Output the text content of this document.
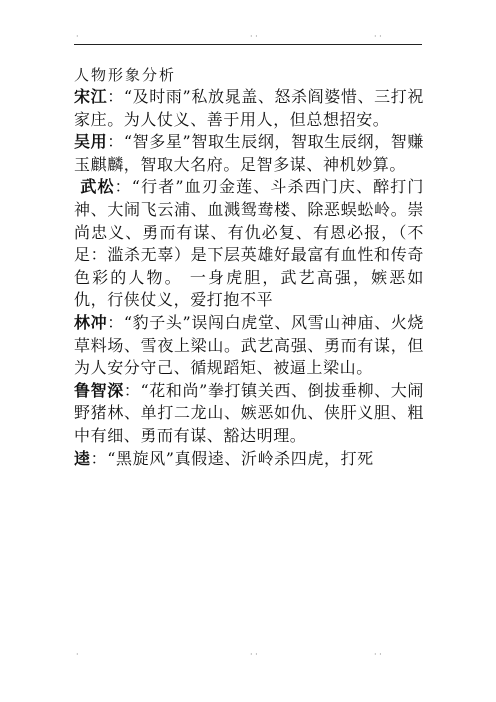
·	· ·	· ·

人物形象分析

宋江：“及时雨”私放晁盖、怒杀阎婆惜、三打祝家庄。为人仗义、善于用人，但总想招安。

吴用：“智多星”智取生辰纲，智取生辰纲，智赚玉麒麟，智取大名府。足智多谋、神机妙算。

武松：“行者”血刃金莲、斗杀西门庆、醉打门神、大闹飞云浦、血溅鸳鸯楼、除恶蜈蚣岭。崇尚忠义、勇而有谋、有仇必复、有恩必报，（不足：滥杀无辜）是下层英雄好最富有血性和传奇色彩的人物。 一身虎胆，武艺高强，嫉恶如仇，行侠仗义，爱打抱不平

林冲：“豹子头”误闯白虎堂、风雪山神庙、火烧草料场、雪夜上梁山。武艺高强、勇而有谋，但为人安分守己、循规蹈矩、被逼上梁山。

鲁智深：“花和尚”拳打镇关西、倒拔垂柳、大闹野猪林、单打二龙山、嫉恶如仇、侠肝义胆、粗中有细、勇而有谋、豁达明理。

逵：“黑旋风”真假逵、沂岭杀四虎，打死

·	· ·	· ·
